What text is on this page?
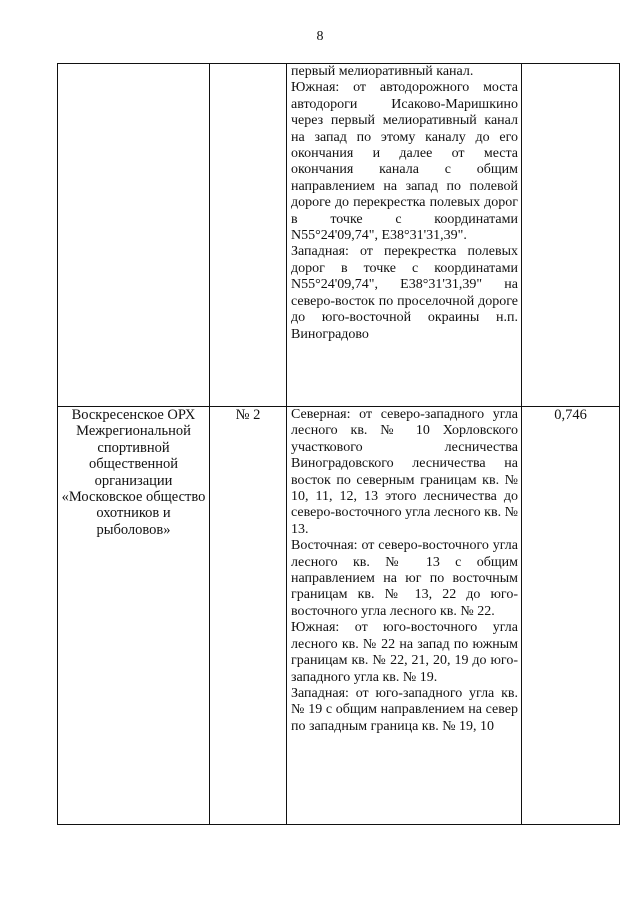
8

		первый мелиоративный канал.

Южная: от автодорожного моста автодороги Исаково-Маришкино через первый мелиоративный канал на запад по этому каналу до его окончания и далее от места окончания канала с общим направлением на запад по полевой дороге до перекрестка полевых дорог в точке с координатами N55°24'09,74", E38°31'31,39".

Западная: от перекрестка полевых дорог в точке с координатами N55°24'09,74", E38°31'31,39" на северо-восток по проселочной дороге до юго-восточной окраины н.п. Виноградово	

Воскресенское ОРХ Межрегиональной спортивной общественной организации «Московское общество охотников и рыболовов»	№ 2	Северная: от северо-западного угла лесного кв. № 10 Хорловского участкового лесничества Виноградовского лесничества на восток по северным границам кв. № 10, 11, 12, 13 этого лесничества до северо-восточного угла лесного кв. № 13.

Восточная: от северо-восточного угла лесного кв. № 13 с общим направлением на юг по восточным границам кв. № 13, 22 до юго-восточного угла лесного кв. № 22.

Южная: от юго-восточного угла лесного кв. № 22 на запад по южным границам кв. № 22, 21, 20, 19 до юго-западного угла кв. № 19.

Западная: от юго-западного угла кв. № 19 с общим направлением на север по западным граница кв. № 19, 10	0,746
